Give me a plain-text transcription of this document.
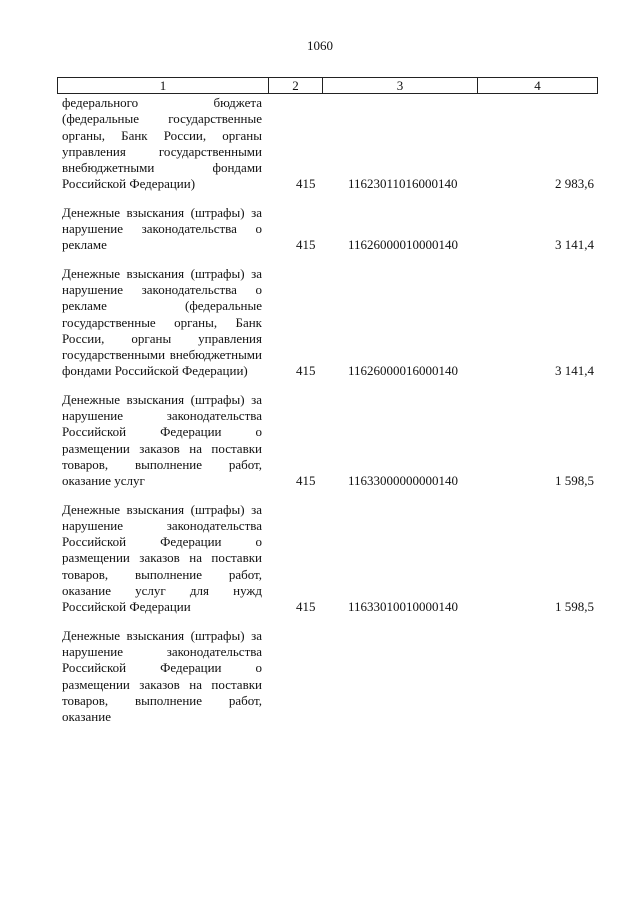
1060
1	2	3	4
федерального бюджета (федеральные государственные органы, Банк России, органы управления государственными внебюджетными фондами Российской Федерации)	415	11623011016000140	2 983,6
Денежные взыскания (штрафы) за нарушение законодательства о рекламе	415	11626000010000140	3 141,4
Денежные взыскания (штрафы) за нарушение законодательства о рекламе (федеральные государственные органы, Банк России, органы управления государственными внебюджетными фондами Российской Федерации)	415	11626000016000140	3 141,4
Денежные взыскания (штрафы) за нарушение законодательства Российской Федерации о размещении заказов на поставки товаров, выполнение работ, оказание услуг	415	11633000000000140	1 598,5
Денежные взыскания (штрафы) за нарушение законодательства Российской Федерации о размещении заказов на поставки товаров, выполнение работ, оказание услуг для нужд Российской Федерации	415	11633010010000140	1 598,5
Денежные взыскания (штрафы) за нарушение законодательства Российской Федерации о размещении заказов на поставки товаров, выполнение работ, оказание
